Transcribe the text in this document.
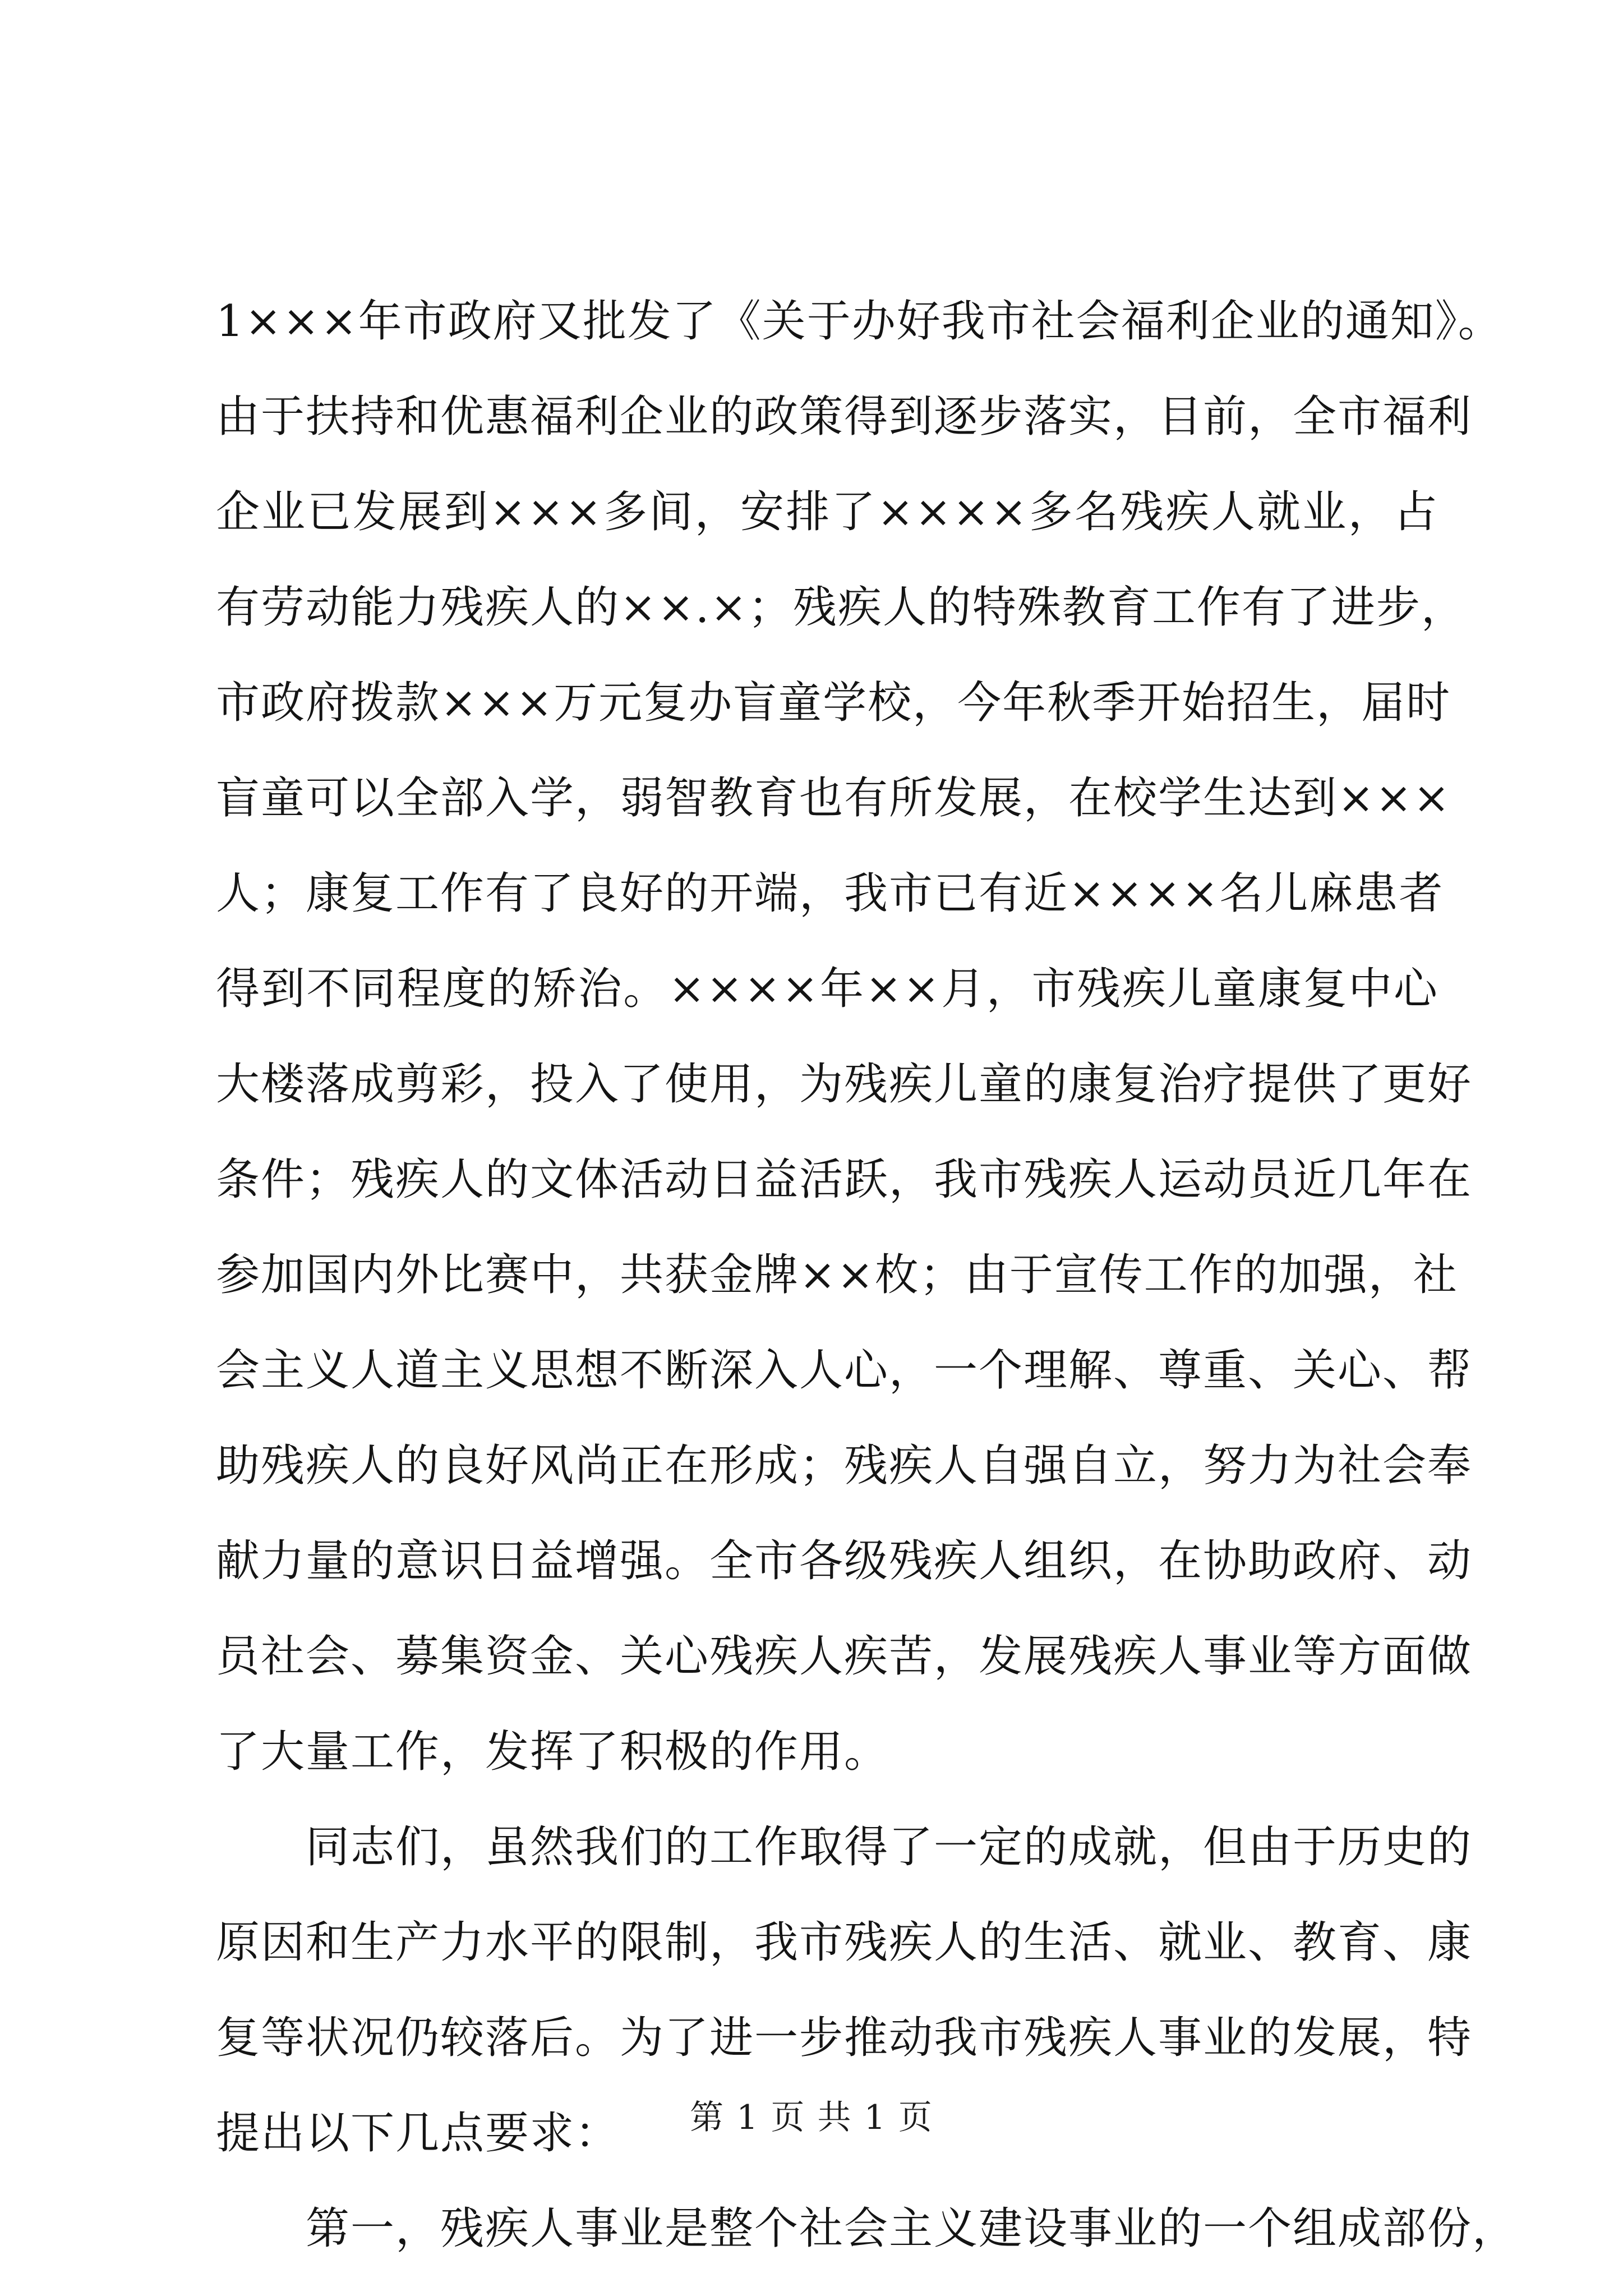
1×××年市政府又批发了《关于办好我市社会福利企业的通知》。
由于扶持和优惠福利企业的政策得到逐步落实，目前，全市福利
企业已发展到×××多间，安排了××××多名残疾人就业，占
有劳动能力残疾人的××.×；残疾人的特殊教育工作有了进步，
市政府拨款×××万元复办盲童学校，今年秋季开始招生，届时
盲童可以全部入学，弱智教育也有所发展，在校学生达到×××
人；康复工作有了良好的开端，我市已有近××××名儿麻患者
得到不同程度的矫治。××××年××月，市残疾儿童康复中心
大楼落成剪彩，投入了使用，为残疾儿童的康复治疗提供了更好
条件；残疾人的文体活动日益活跃，我市残疾人运动员近几年在
参加国内外比赛中，共获金牌××枚；由于宣传工作的加强，社
会主义人道主义思想不断深入人心，一个理解、尊重、关心、帮
助残疾人的良好风尚正在形成；残疾人自强自立，努力为社会奉
献力量的意识日益增强。全市各级残疾人组织，在协助政府、动
员社会、募集资金、关心残疾人疾苦，发展残疾人事业等方面做
了大量工作，发挥了积极的作用。
同志们，虽然我们的工作取得了一定的成就，但由于历史的
原因和生产力水平的限制，我市残疾人的生活、就业、教育、康
复等状况仍较落后。为了进一步推动我市残疾人事业的发展，特
提出以下几点要求：
第一，残疾人事业是整个社会主义建设事业的一个组成部份，
第 1 页 共 1 页
